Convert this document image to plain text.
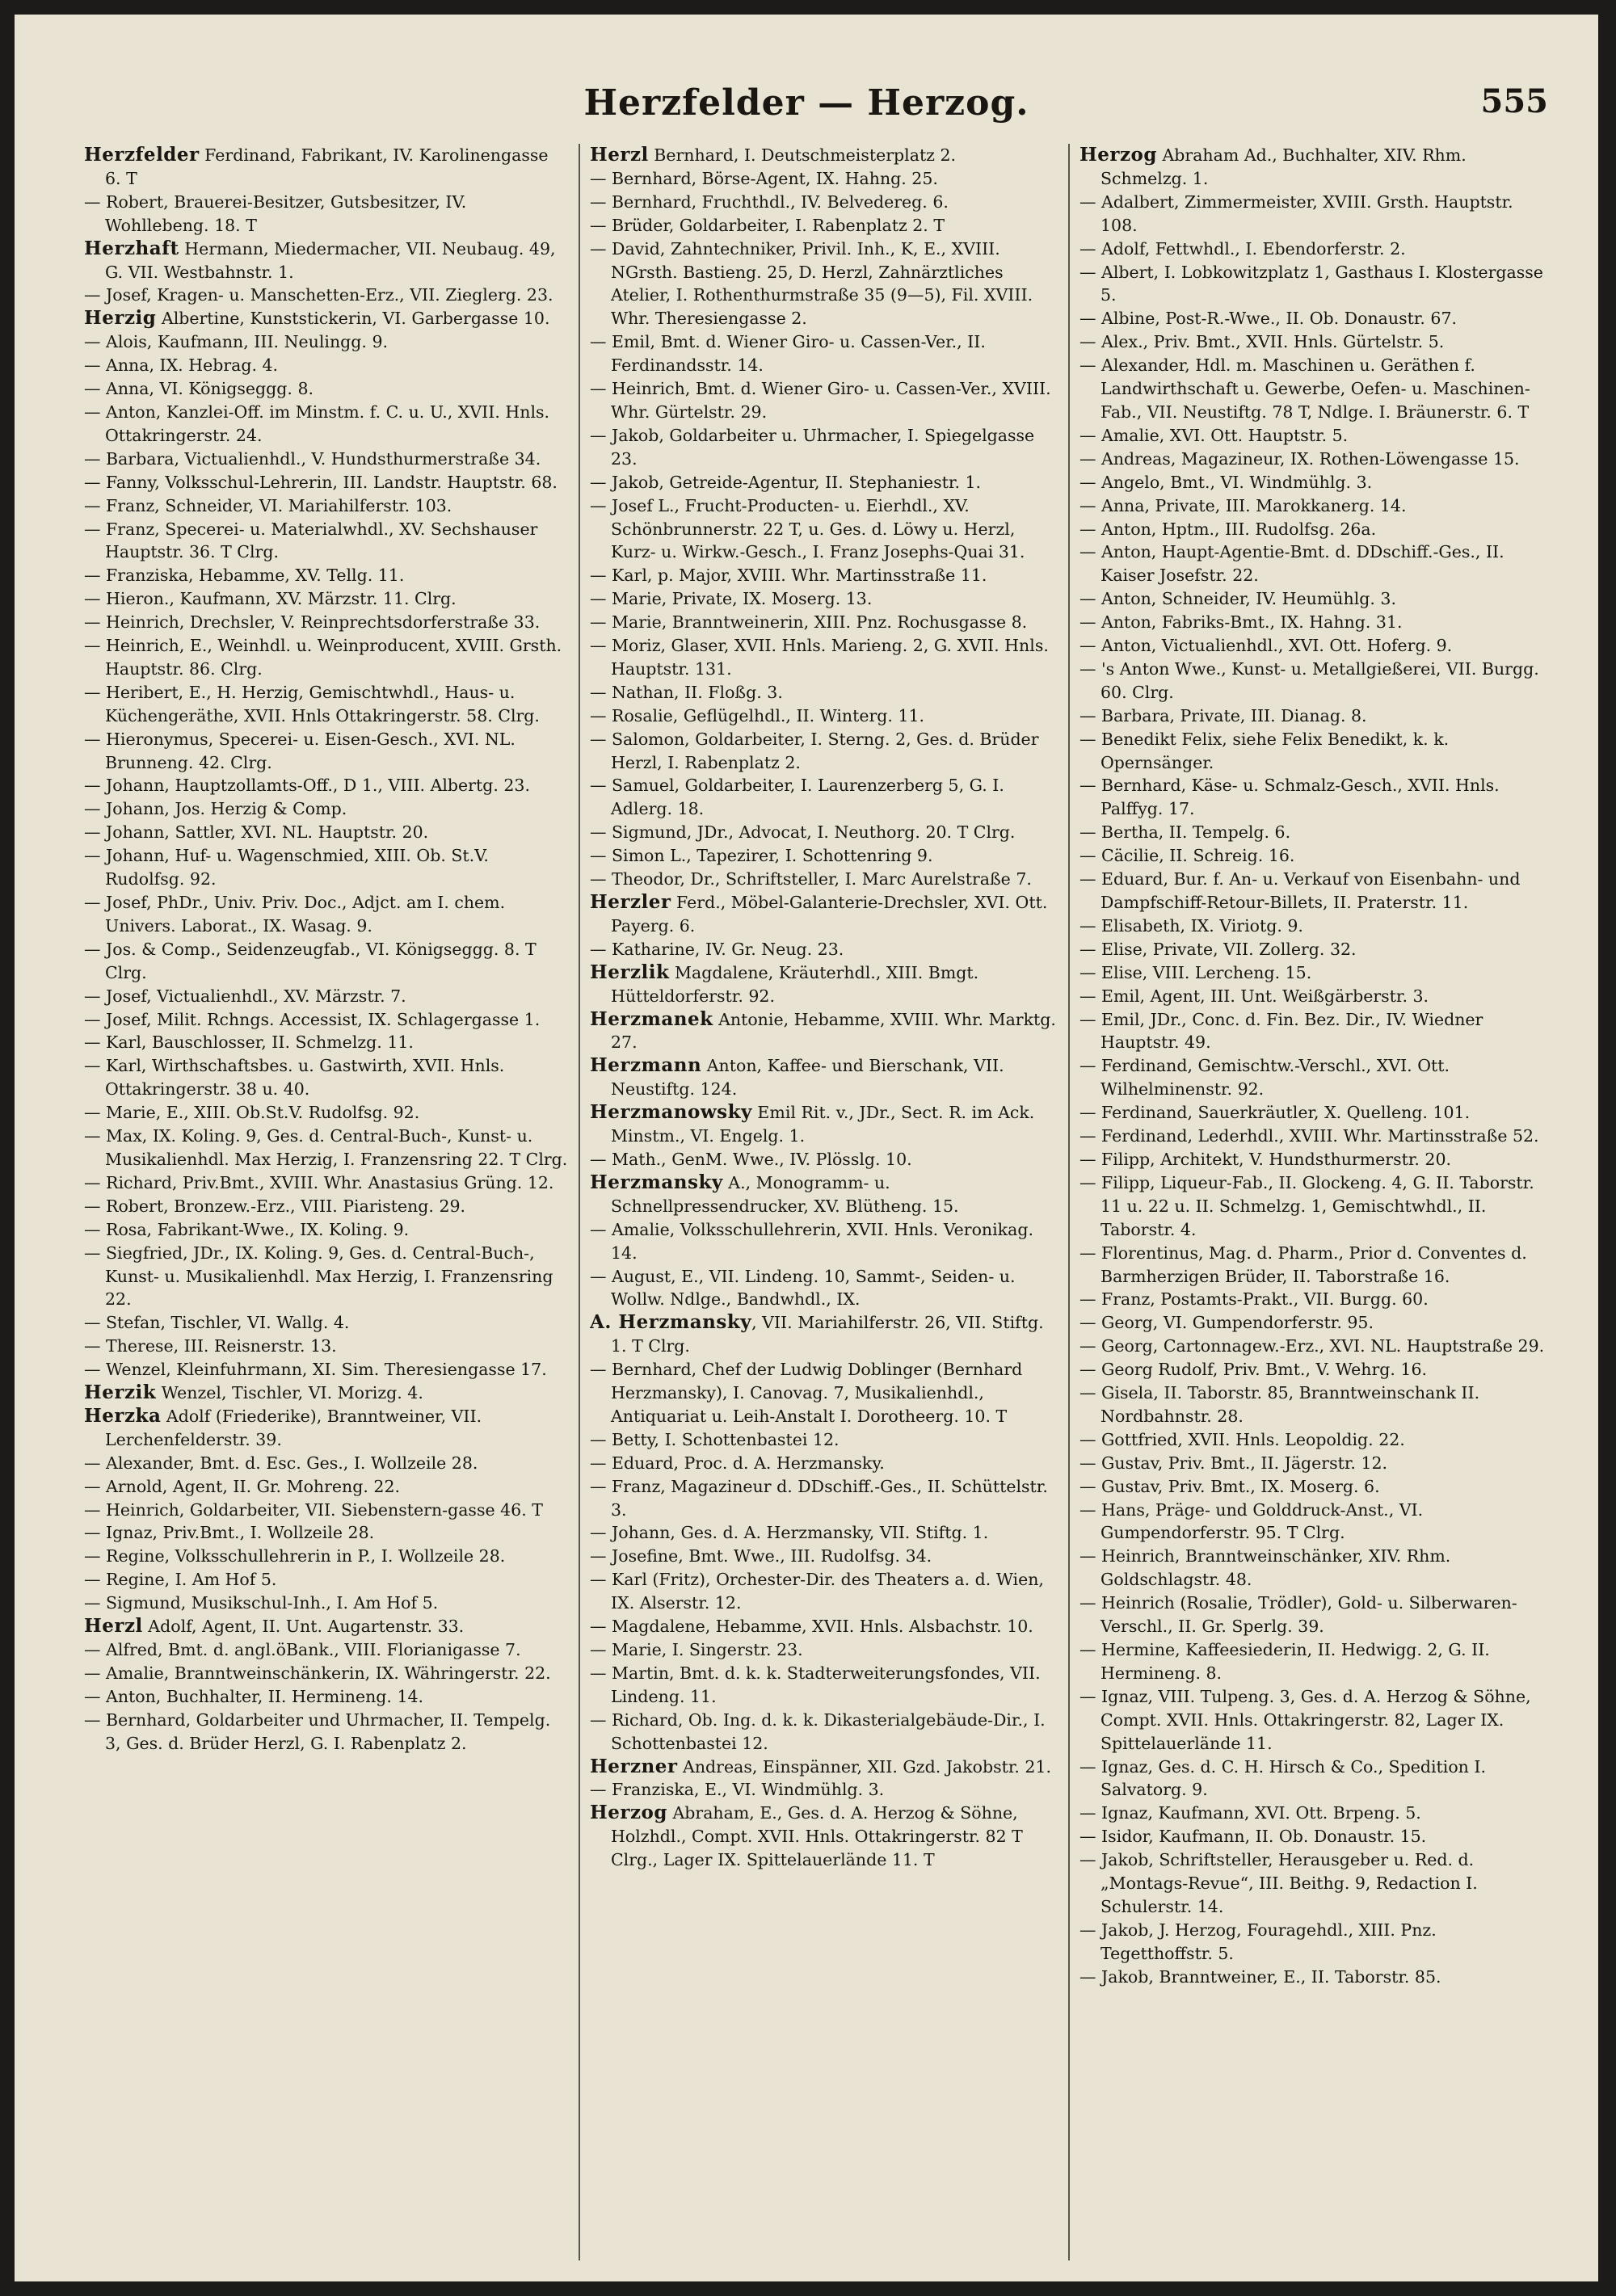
Herzfelder — Herzog.	555

Herzfelder Ferdinand, Fabrikant, IV. Karolinengasse 6. T

— Robert, Brauerei-Besitzer, Gutsbesitzer, IV. Wohllebeng. 18. T

Herzhaft Hermann, Miedermacher, VII. Neubaug. 49, G. VII. Westbahnstr. 1.

— Josef, Kragen- u. Manschetten-Erz., VII. Zieglerg. 23.

Herzig Albertine, Kunststickerin, VI. Garbergasse 10.

— Alois, Kaufmann, III. Neulingg. 9.

— Anna, IX. Hebrag. 4.

— Anna, VI. Königseggg. 8.

— Anton, Kanzlei-Off. im Minstm. f. C. u. U., XVII. Hnls. Ottakringerstr. 24.

— Barbara, Victualienhdl., V. Hundsthurmerstraße 34.

— Fanny, Volksschul-Lehrerin, III. Landstr. Hauptstr. 68.

— Franz, Schneider, VI. Mariahilferstr. 103.

— Franz, Specerei- u. Materialwhdl., XV. Sechshauser Hauptstr. 36. T Clrg.

— Franziska, Hebamme, XV. Tellg. 11.

— Hieron., Kaufmann, XV. Märzstr. 11. Clrg.

— Heinrich, Drechsler, V. Reinprechtsdorferstraße 33.

— Heinrich, E., Weinhdl. u. Weinproducent, XVIII. Grsth. Hauptstr. 86. Clrg.

— Heribert, E., H. Herzig, Gemischtwhdl., Haus- u. Küchengeräthe, XVII. Hnls Ottakringerstr. 58. Clrg.

— Hieronymus, Specerei- u. Eisen-Gesch., XVI. NL. Brunneng. 42. Clrg.

— Johann, Hauptzollamts-Off., D 1., VIII. Albertg. 23.

— Johann, Jos. Herzig & Comp.

— Johann, Sattler, XVI. NL. Hauptstr. 20.

— Johann, Huf- u. Wagenschmied, XIII. Ob. St.V. Rudolfsg. 92.

— Josef, PhDr., Univ. Priv. Doc., Adjct. am I. chem. Univers. Laborat., IX. Wasag. 9.

— Jos. & Comp., Seidenzeugfab., VI. Königseggg. 8. T Clrg.

— Josef, Victualienhdl., XV. Märzstr. 7.

— Josef, Milit. Rchngs. Accessist, IX. Schlagergasse 1.

— Karl, Bauschlosser, II. Schmelzg. 11.

— Karl, Wirthschaftsbes. u. Gastwirth, XVII. Hnls. Ottakringerstr. 38 u. 40.

— Marie, E., XIII. Ob.St.V. Rudolfsg. 92.

— Max, IX. Koling. 9, Ges. d. Central-Buch-, Kunst- u. Musikalienhdl. Max Herzig, I. Franzensring 22. T Clrg.

— Richard, Priv.Bmt., XVIII. Whr. Anastasius Grüng. 12.

— Robert, Bronzew.-Erz., VIII. Piaristeng. 29.

— Rosa, Fabrikant-Wwe., IX. Koling. 9.

— Siegfried, JDr., IX. Koling. 9, Ges. d. Central-Buch-, Kunst- u. Musikalienhdl. Max Herzig, I. Franzensring 22.

— Stefan, Tischler, VI. Wallg. 4.

— Therese, III. Reisnerstr. 13.

— Wenzel, Kleinfuhrmann, XI. Sim. Theresiengasse 17.

Herzik Wenzel, Tischler, VI. Morizg. 4.

Herzka Adolf (Friederike), Branntweiner, VII. Lerchenfelderstr. 39.

— Alexander, Bmt. d. Esc. Ges., I. Wollzeile 28.

— Arnold, Agent, II. Gr. Mohreng. 22.

— Heinrich, Goldarbeiter, VII. Siebenstern-gasse 46. T

— Ignaz, Priv.Bmt., I. Wollzeile 28.

— Regine, Volksschullehrerin in P., I. Wollzeile 28.

— Regine, I. Am Hof 5.

— Sigmund, Musikschul-Inh., I. Am Hof 5.

Herzl Adolf, Agent, II. Unt. Augartenstr. 33.

— Alfred, Bmt. d. angl.öBank., VIII. Florianigasse 7.

— Amalie, Branntweinschänkerin, IX. Währingerstr. 22.

— Anton, Buchhalter, II. Hermineng. 14.

— Bernhard, Goldarbeiter und Uhrmacher, II. Tempelg. 3, Ges. d. Brüder Herzl, G. I. Rabenplatz 2.

Herzl Bernhard, I. Deutschmeisterplatz 2.

— Bernhard, Börse-Agent, IX. Hahng. 25.

— Bernhard, Fruchthdl., IV. Belvedereg. 6.

— Brüder, Goldarbeiter, I. Rabenplatz 2. T

— David, Zahntechniker, Privil. Inh., K, E., XVIII. NGrsth. Bastieng. 25, D. Herzl, Zahnärztliches Atelier, I. Rothenthurmstraße 35 (9—5), Fil. XVIII. Whr. Theresiengasse 2.

— Emil, Bmt. d. Wiener Giro- u. Cassen-Ver., II. Ferdinandsstr. 14.

— Heinrich, Bmt. d. Wiener Giro- u. Cassen-Ver., XVIII. Whr. Gürtelstr. 29.

— Jakob, Goldarbeiter u. Uhrmacher, I. Spiegelgasse 23.

— Jakob, Getreide-Agentur, II. Stephaniestr. 1.

— Josef L., Frucht-Producten- u. Eierhdl., XV. Schönbrunnerstr. 22 T, u. Ges. d. Löwy u. Herzl, Kurz- u. Wirkw.-Gesch., I. Franz Josephs-Quai 31.

— Karl, p. Major, XVIII. Whr. Martinsstraße 11.

— Marie, Private, IX. Moserg. 13.

— Marie, Branntweinerin, XIII. Pnz. Rochusgasse 8.

— Moriz, Glaser, XVII. Hnls. Marieng. 2, G. XVII. Hnls. Hauptstr. 131.

— Nathan, II. Floßg. 3.

— Rosalie, Geflügelhdl., II. Winterg. 11.

— Salomon, Goldarbeiter, I. Sterng. 2, Ges. d. Brüder Herzl, I. Rabenplatz 2.

— Samuel, Goldarbeiter, I. Laurenzerberg 5, G. I. Adlerg. 18.

— Sigmund, JDr., Advocat, I. Neuthorg. 20. T Clrg.

— Simon L., Tapezirer, I. Schottenring 9.

— Theodor, Dr., Schriftsteller, I. Marc Aurelstraße 7.

Herzler Ferd., Möbel-Galanterie-Drechsler, XVI. Ott. Payerg. 6.

— Katharine, IV. Gr. Neug. 23.

Herzlik Magdalene, Kräuterhdl., XIII. Bmgt. Hütteldorferstr. 92.

Herzmanek Antonie, Hebamme, XVIII. Whr. Marktg. 27.

Herzmann Anton, Kaffee- und Bierschank, VII. Neustiftg. 124.

Herzmanowsky Emil Rit. v., JDr., Sect. R. im Ack. Minstm., VI. Engelg. 1.

— Math., GenM. Wwe., IV. Plösslg. 10.

Herzmansky A., Monogramm- u. Schnellpressendrucker, XV. Blütheng. 15.

— Amalie, Volksschullehrerin, XVII. Hnls. Veronikag. 14.

— August, E., VII. Lindeng. 10, Sammt-, Seiden- u. Wollw. Ndlge., Bandwhdl., IX.

A. Herzmansky, VII. Mariahilferstr. 26, VII. Stiftg. 1. T Clrg.

— Bernhard, Chef der Ludwig Doblinger (Bernhard Herzmansky), I. Canovag. 7, Musikalienhdl., Antiquariat u. Leih-Anstalt I. Dorotheerg. 10. T

— Betty, I. Schottenbastei 12.

— Eduard, Proc. d. A. Herzmansky.

— Franz, Magazineur d. DDschiff.-Ges., II. Schüttelstr. 3.

— Johann, Ges. d. A. Herzmansky, VII. Stiftg. 1.

— Josefine, Bmt. Wwe., III. Rudolfsg. 34.

— Karl (Fritz), Orchester-Dir. des Theaters a. d. Wien, IX. Alserstr. 12.

— Magdalene, Hebamme, XVII. Hnls. Alsbachstr. 10.

— Marie, I. Singerstr. 23.

— Martin, Bmt. d. k. k. Stadterweiterungsfondes, VII. Lindeng. 11.

— Richard, Ob. Ing. d. k. k. Dikasterialgebäude-Dir., I. Schottenbastei 12.

Herzner Andreas, Einspänner, XII. Gzd. Jakobstr. 21.

— Franziska, E., VI. Windmühlg. 3.

Herzog Abraham, E., Ges. d. A. Herzog & Söhne, Holzhdl., Compt. XVII. Hnls. Ottakringerstr. 82 T Clrg., Lager IX. Spittelauerlände 11. T

Herzog Abraham Ad., Buchhalter, XIV. Rhm. Schmelzg. 1.

— Adalbert, Zimmermeister, XVIII. Grsth. Hauptstr. 108.

— Adolf, Fettwhdl., I. Ebendorferstr. 2.

— Albert, I. Lobkowitzplatz 1, Gasthaus I. Klostergasse 5.

— Albine, Post-R.-Wwe., II. Ob. Donaustr. 67.

— Alex., Priv. Bmt., XVII. Hnls. Gürtelstr. 5.

— Alexander, Hdl. m. Maschinen u. Geräthen f. Landwirthschaft u. Gewerbe, Oefen- u. Maschinen-Fab., VII. Neustiftg. 78 T, Ndlge. I. Bräunerstr. 6. T

— Amalie, XVI. Ott. Hauptstr. 5.

— Andreas, Magazineur, IX. Rothen-Löwengasse 15.

— Angelo, Bmt., VI. Windmühlg. 3.

— Anna, Private, III. Marokkanerg. 14.

— Anton, Hptm., III. Rudolfsg. 26a.

— Anton, Haupt-Agentie-Bmt. d. DDschiff.-Ges., II. Kaiser Josefstr. 22.

— Anton, Schneider, IV. Heumühlg. 3.

— Anton, Fabriks-Bmt., IX. Hahng. 31.

— Anton, Victualienhdl., XVI. Ott. Hoferg. 9.

— 's Anton Wwe., Kunst- u. Metallgießerei, VII. Burgg. 60. Clrg.

— Barbara, Private, III. Dianag. 8.

— Benedikt Felix, siehe Felix Benedikt, k. k. Opernsänger.

— Bernhard, Käse- u. Schmalz-Gesch., XVII. Hnls. Palffyg. 17.

— Bertha, II. Tempelg. 6.

— Cäcilie, II. Schreig. 16.

— Eduard, Bur. f. An- u. Verkauf von Eisenbahn- und Dampfschiff-Retour-Billets, II. Praterstr. 11.

— Elisabeth, IX. Viriotg. 9.

— Elise, Private, VII. Zollerg. 32.

— Elise, VIII. Lercheng. 15.

— Emil, Agent, III. Unt. Weißgärberstr. 3.

— Emil, JDr., Conc. d. Fin. Bez. Dir., IV. Wiedner Hauptstr. 49.

— Ferdinand, Gemischtw.-Verschl., XVI. Ott. Wilhelminenstr. 92.

— Ferdinand, Sauerkräutler, X. Quelleng. 101.

— Ferdinand, Lederhdl., XVIII. Whr. Martinsstraße 52.

— Filipp, Architekt, V. Hundsthurmerstr. 20.

— Filipp, Liqueur-Fab., II. Glockeng. 4, G. II. Taborstr. 11 u. 22 u. II. Schmelzg. 1, Gemischtwhdl., II. Taborstr. 4.

— Florentinus, Mag. d. Pharm., Prior d. Conventes d. Barmherzigen Brüder, II. Taborstraße 16.

— Franz, Postamts-Prakt., VII. Burgg. 60.

— Georg, VI. Gumpendorferstr. 95.

— Georg, Cartonnagew.-Erz., XVI. NL. Hauptstraße 29.

— Georg Rudolf, Priv. Bmt., V. Wehrg. 16.

— Gisela, II. Taborstr. 85, Branntweinschank II. Nordbahnstr. 28.

— Gottfried, XVII. Hnls. Leopoldig. 22.

— Gustav, Priv. Bmt., II. Jägerstr. 12.

— Gustav, Priv. Bmt., IX. Moserg. 6.

— Hans, Präge- und Golddruck-Anst., VI. Gumpendorferstr. 95. T Clrg.

— Heinrich, Branntweinschänker, XIV. Rhm. Goldschlagstr. 48.

— Heinrich (Rosalie, Trödler), Gold- u. Silberwaren-Verschl., II. Gr. Sperlg. 39.

— Hermine, Kaffeesiederin, II. Hedwigg. 2, G. II. Hermineng. 8.

— Ignaz, VIII. Tulpeng. 3, Ges. d. A. Herzog & Söhne, Compt. XVII. Hnls. Ottakringerstr. 82, Lager IX. Spittelauerlände 11.

— Ignaz, Ges. d. C. H. Hirsch & Co., Spedition I. Salvatorg. 9.

— Ignaz, Kaufmann, XVI. Ott. Brpeng. 5.

— Isidor, Kaufmann, II. Ob. Donaustr. 15.

— Jakob, Schriftsteller, Herausgeber u. Red. d. „Montags-Revue“, III. Beithg. 9, Redaction I. Schulerstr. 14.

— Jakob, J. Herzog, Fouragehdl., XIII. Pnz. Tegetthoffstr. 5.

— Jakob, Branntweiner, E., II. Taborstr. 85.
